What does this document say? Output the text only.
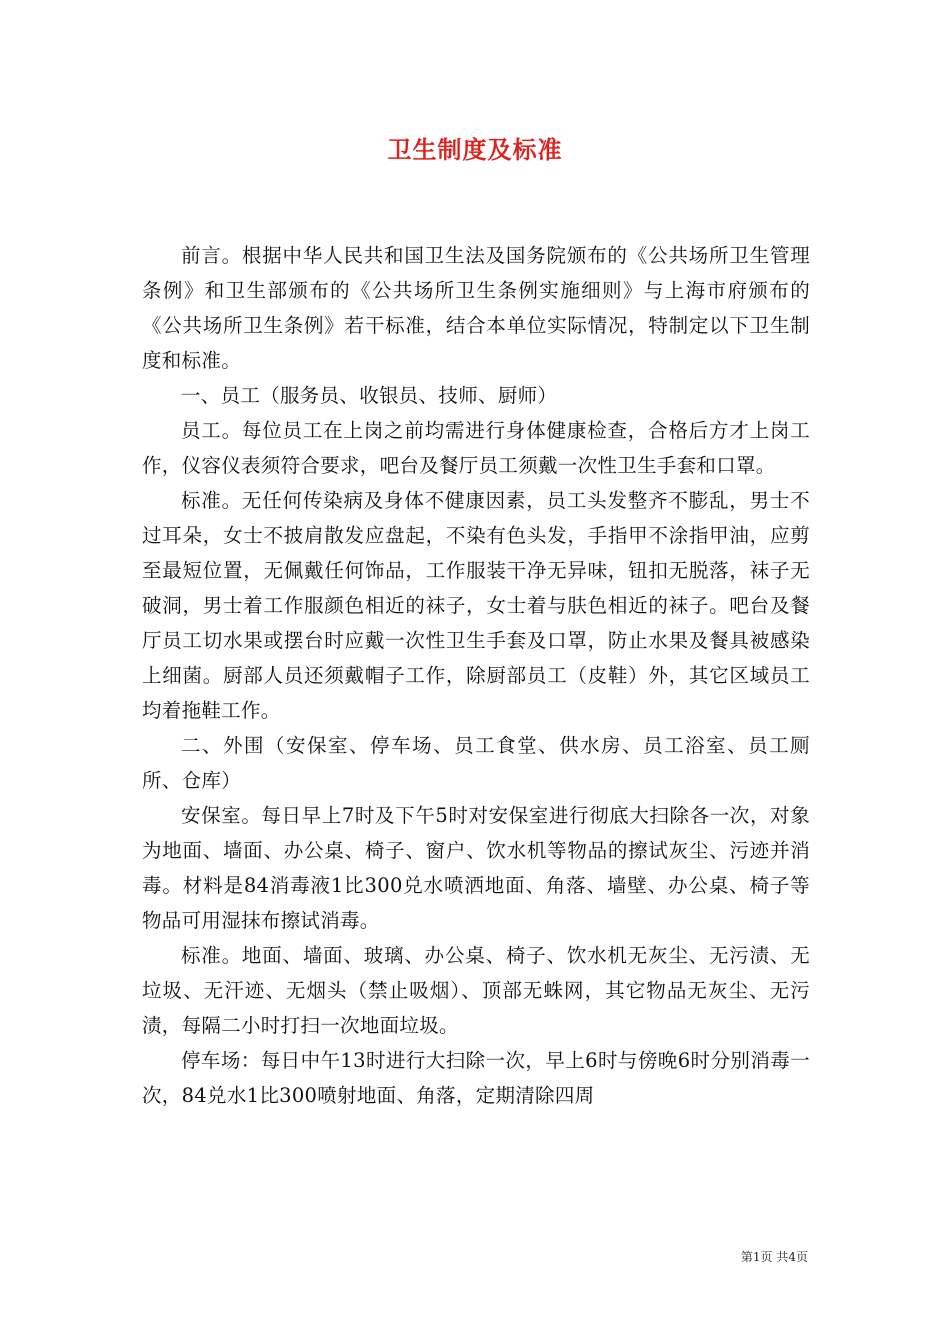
卫生制度及标准

前言。根据中华人民共和国卫生法及国务院颁布的《公共场所卫生管理条例》和卫生部颁布的《公共场所卫生条例实施细则》与上海市府颁布的《公共场所卫生条例》若干标准，结合本单位实际情况，特制定以下卫生制度和标准。

一、员工（服务员、收银员、技师、厨师）

员工。每位员工在上岗之前均需进行身体健康检查，合格后方才上岗工作，仪容仪表须符合要求，吧台及餐厅员工须戴一次性卫生手套和口罩。

标准。无任何传染病及身体不健康因素，员工头发整齐不膨乱，男士不过耳朵，女士不披肩散发应盘起，不染有色头发，手指甲不涂指甲油，应剪至最短位置，无佩戴任何饰品，工作服装干净无异味，钮扣无脱落，袜子无破洞，男士着工作服颜色相近的袜子，女士着与肤色相近的袜子。吧台及餐厅员工切水果或摆台时应戴一次性卫生手套及口罩，防止水果及餐具被感染上细菌。厨部人员还须戴帽子工作，除厨部员工（皮鞋）外，其它区域员工均着拖鞋工作。

二、外围（安保室、停车场、员工食堂、供水房、员工浴室、员工厕所、仓库）

安保室。每日早上7时及下午5时对安保室进行彻底大扫除各一次，对象为地面、墙面、办公桌、椅子、窗户、饮水机等物品的擦试灰尘、污迹并消毒。材料是84消毒液1比300兑水喷洒地面、角落、墙壁、办公桌、椅子等物品可用湿抹布擦试消毒。

标准。地面、墙面、玻璃、办公桌、椅子、饮水机无灰尘、无污渍、无垃圾、无汗迹、无烟头（禁止吸烟）、顶部无蛛网，其它物品无灰尘、无污渍，每隔二小时打扫一次地面垃圾。

停车场：每日中午13时进行大扫除一次，早上6时与傍晚6时分别消毒一次，84兑水1比300喷射地面、角落，定期清除四周

第1页 共4页
